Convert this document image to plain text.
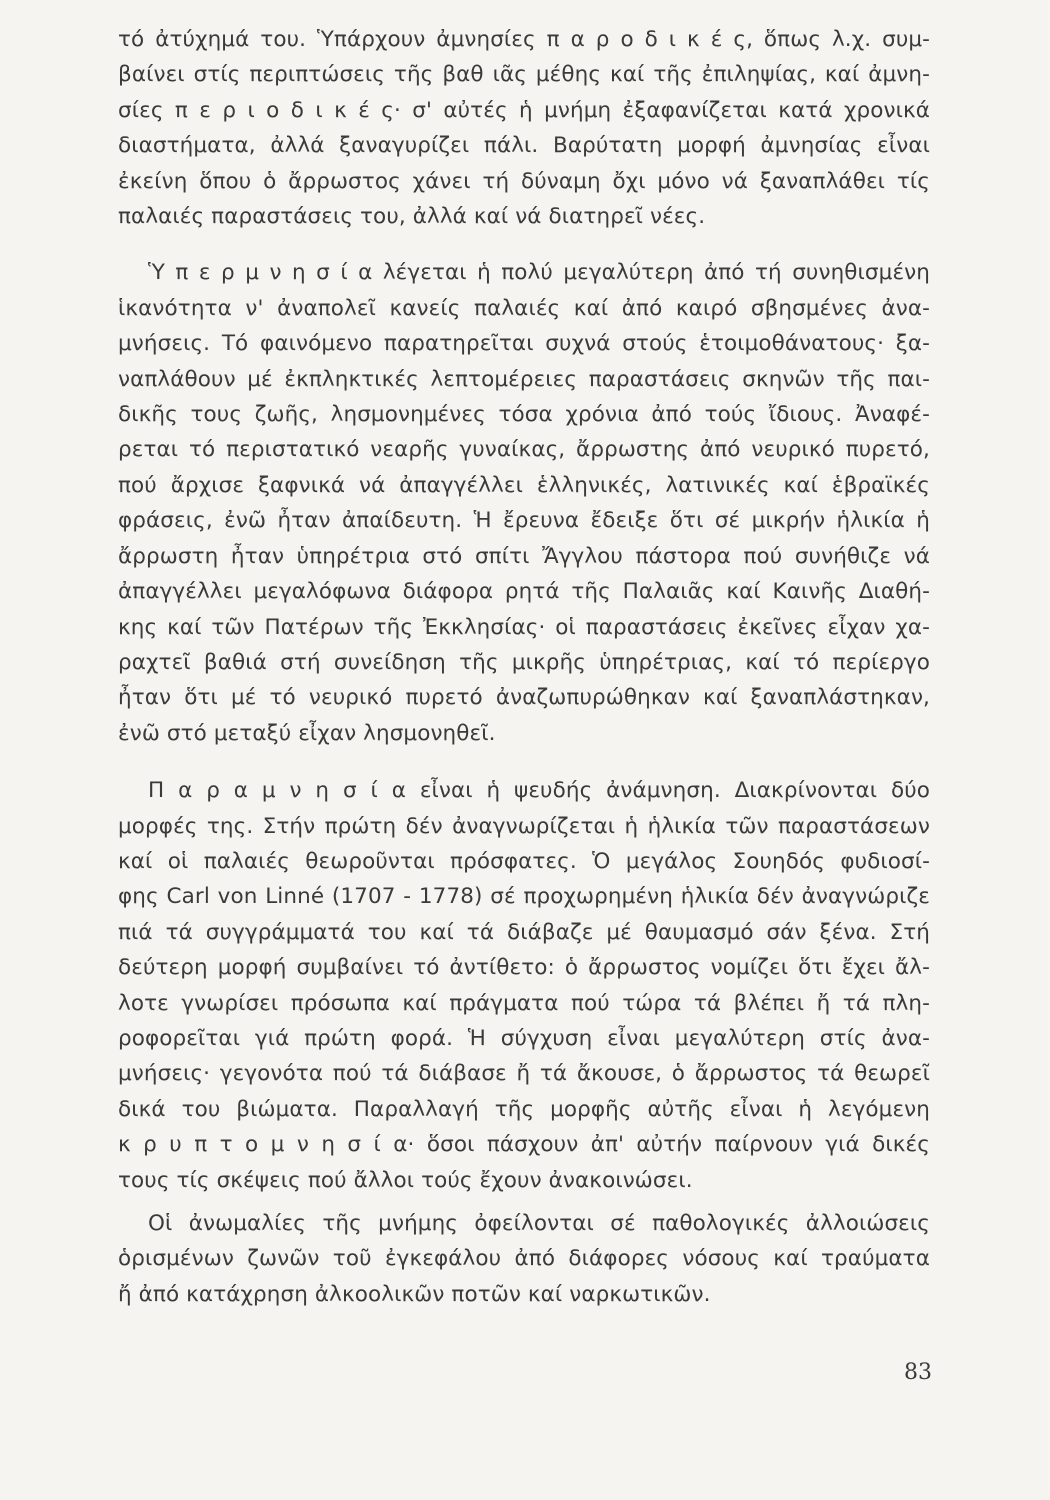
τό ἀτύχημά του. Ὑπάρχουν ἀμνησίες π α ρ ο δ ι κ έ ς, ὅπως λ.χ. συμ-
βαίνει στίς περιπτώσεις τῆς βαθ ιᾶς μέθης καί τῆς ἐπιληψίας, καί ἀμνη-
σίες π ε ρ ι ο δ ι κ έ ς· σ' αὐτές ἡ μνήμη ἐξαφανίζεται κατά χρονικά
διαστήματα, ἀλλά ξαναγυρίζει πάλι. Βαρύτατη μορφή ἀμνησίας εἶναι
ἐκείνη ὅπου ὁ ἄρρωστος χάνει τή δύναμη ὄχι μόνο νά ξαναπλάθει τίς
παλαιές παραστάσεις του, ἀλλά καί νά διατηρεῖ νέες.

Ὑ π ε ρ μ ν η σ ί α λέγεται ἡ πολύ μεγαλύτερη ἀπό τή συνηθισμένη
ἱκανότητα ν' ἀναπολεῖ κανείς παλαιές καί ἀπό καιρό σβησμένες ἀνα-
μνήσεις. Τό φαινόμενο παρατηρεῖται συχνά στούς ἑτοιμοθάνατους· ξα-
ναπλάθουν μέ ἐκπληκτικές λεπτομέρειες παραστάσεις σκηνῶν τῆς παι-
δικῆς τους ζωῆς, λησμονημένες τόσα χρόνια ἀπό τούς ἴδιους. Ἀναφέ-
ρεται τό περιστατικό νεαρῆς γυναίκας, ἄρρωστης ἀπό νευρικό πυρετό,
πού ἄρχισε ξαφνικά νά ἀπαγγέλλει ἑλληνικές, λατινικές καί ἑβραϊκές
φράσεις, ἐνῶ ἦταν ἀπαίδευτη. Ἡ ἔρευνα ἔδειξε ὅτι σέ μικρήν ἡλικία ἡ
ἄρρωστη ἦταν ὑπηρέτρια στό σπίτι Ἄγγλου πάστορα πού συνήθιζε νά
ἀπαγγέλλει μεγαλόφωνα διάφορα ρητά τῆς Παλαιᾶς καί Καινῆς Διαθή-
κης καί τῶν Πατέρων τῆς Ἐκκλησίας· οἱ παραστάσεις ἐκεῖνες εἶχαν χα-
ραχτεῖ βαθιά στή συνείδηση τῆς μικρῆς ὑπηρέτριας, καί τό περίεργο
ἦταν ὅτι μέ τό νευρικό πυρετό ἀναζωπυρώθηκαν καί ξαναπλάστηκαν,
ἐνῶ στό μεταξύ εἶχαν λησμονηθεῖ.

Π α ρ α μ ν η σ ί α εἶναι ἡ ψευδής ἀνάμνηση. Διακρίνονται δύο
μορφές της. Στήν πρώτη δέν ἀναγνωρίζεται ἡ ἡλικία τῶν παραστάσεων
καί οἱ παλαιές θεωροῦνται πρόσφατες. Ὁ μεγάλος Σουηδός φυδιοσί-
φης Carl von Linné (1707 - 1778) σέ προχωρημένη ἡλικία δέν ἀναγνώριζε
πιά τά συγγράμματά του καί τά διάβαζε μέ θαυμασμό σάν ξένα. Στή
δεύτερη μορφή συμβαίνει τό ἀντίθετο: ὁ ἄρρωστος νομίζει ὅτι ἔχει ἄλ-
λοτε γνωρίσει πρόσωπα καί πράγματα πού τώρα τά βλέπει ἤ τά πλη-
ροφορεῖται γιά πρώτη φορά. Ἡ σύγχυση εἶναι μεγαλύτερη στίς ἀνα-
μνήσεις· γεγονότα πού τά διάβασε ἤ τά ἄκουσε, ὁ ἄρρωστος τά θεωρεῖ
δικά του βιώματα. Παραλλαγή τῆς μορφῆς αὐτῆς εἶναι ἡ λεγόμενη
κ ρ υ π τ ο μ ν η σ ί α· ὅσοι πάσχουν ἀπ' αὐτήν παίρνουν γιά δικές
τους τίς σκέψεις πού ἄλλοι τούς ἔχουν ἀνακοινώσει.

Οἱ ἀνωμαλίες τῆς μνήμης ὀφείλονται σέ παθολογικές ἀλλοιώσεις
ὁρισμένων ζωνῶν τοῦ ἐγκεφάλου ἀπό διάφορες νόσους καί τραύματα
ἤ ἀπό κατάχρηση ἀλκοολικῶν ποτῶν καί ναρκωτικῶν.

83
